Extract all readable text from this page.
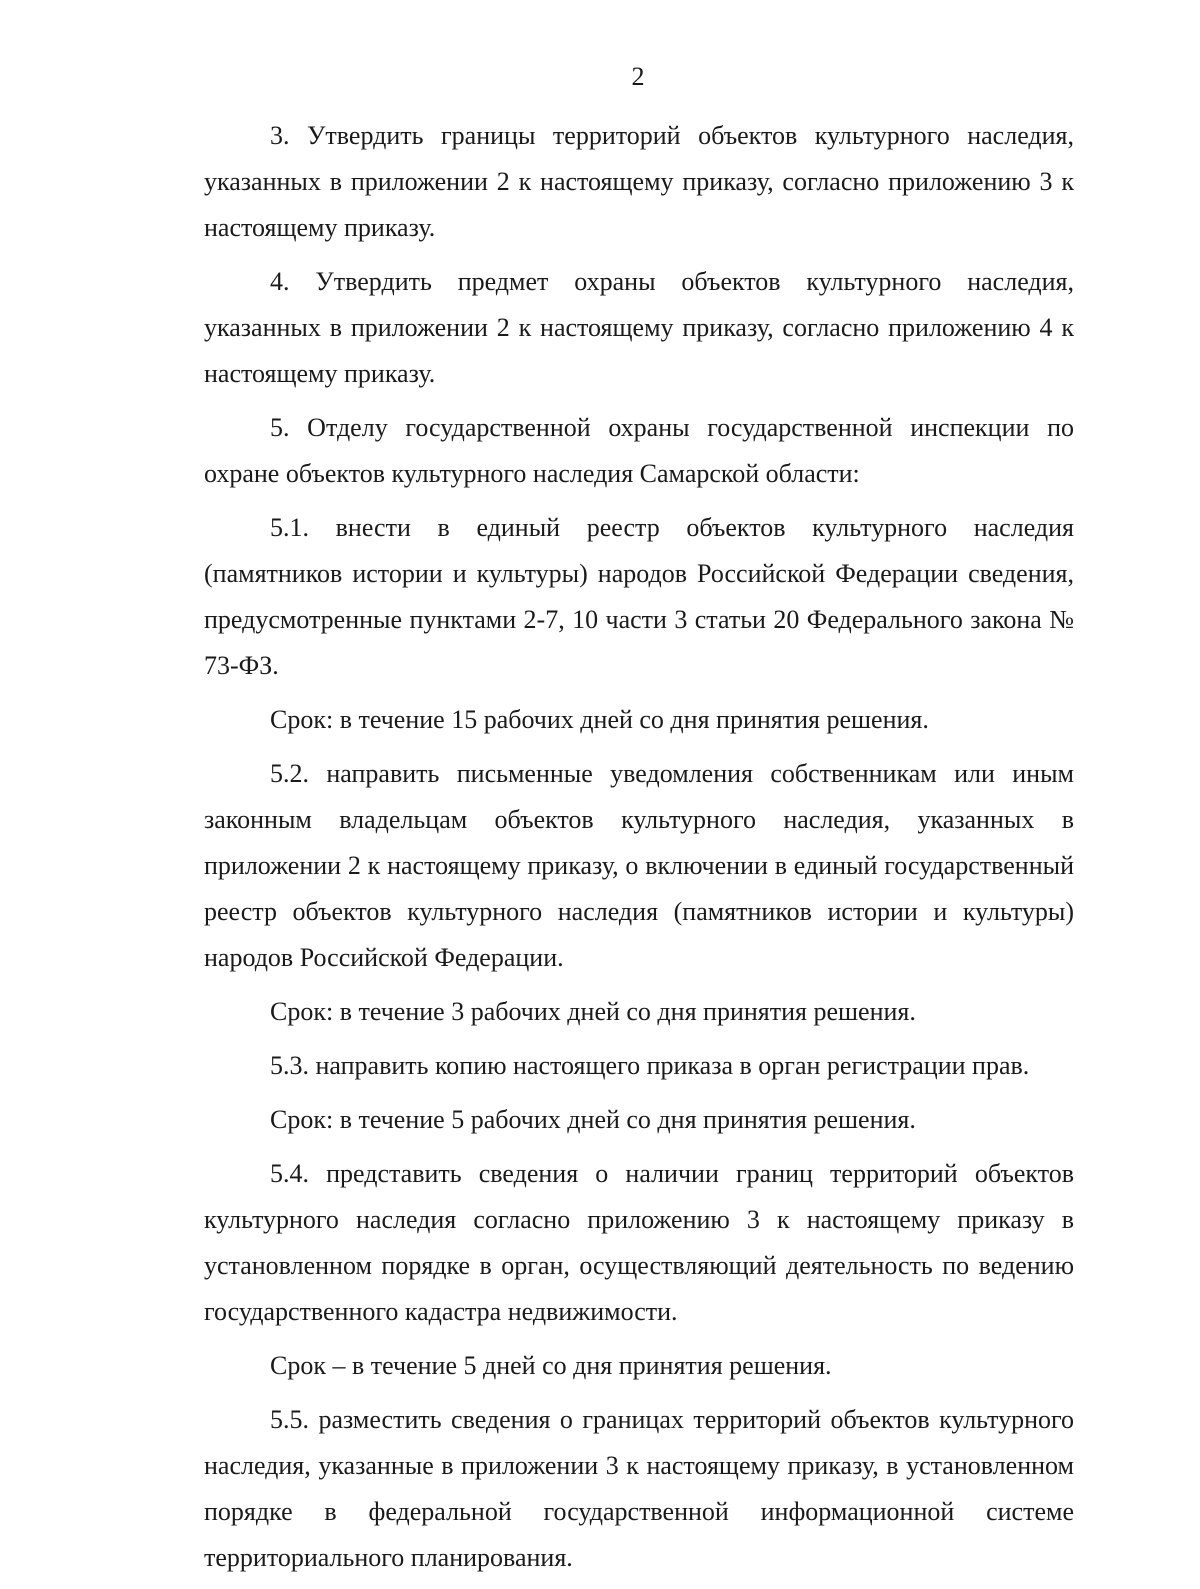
2

3. Утвердить границы территорий объектов культурного наследия, указанных в приложении 2 к настоящему приказу, согласно приложению 3 к настоящему приказу.

4. Утвердить предмет охраны объектов культурного наследия, указанных в приложении 2 к настоящему приказу, согласно приложению 4 к настоящему приказу.

5. Отделу государственной охраны государственной инспекции по охране объектов культурного наследия Самарской области:

5.1. внести в единый реестр объектов культурного наследия (памятников истории и культуры) народов Российской Федерации сведения, предусмотренные пунктами 2-7, 10 части 3 статьи 20 Федерального закона № 73-ФЗ.

Срок: в течение 15 рабочих дней со дня принятия решения.

5.2. направить письменные уведомления собственникам или иным законным владельцам объектов культурного наследия, указанных в приложении 2 к настоящему приказу, о включении в единый государственный реестр объектов культурного наследия (памятников истории и культуры) народов Российской Федерации.

Срок: в течение 3 рабочих дней со дня принятия решения.

5.3. направить копию настоящего приказа в орган регистрации прав.

Срок: в течение 5 рабочих дней со дня принятия решения.

5.4. представить сведения о наличии границ территорий объектов культурного наследия согласно приложению 3 к настоящему приказу в установленном порядке в орган, осуществляющий деятельность по ведению государственного кадастра недвижимости.

Срок – в течение 5 дней со дня принятия решения.

5.5. разместить сведения о границах территорий объектов культурного наследия, указанные в приложении 3 к настоящему приказу, в установленном порядке в федеральной государственной информационной системе территориального планирования.
